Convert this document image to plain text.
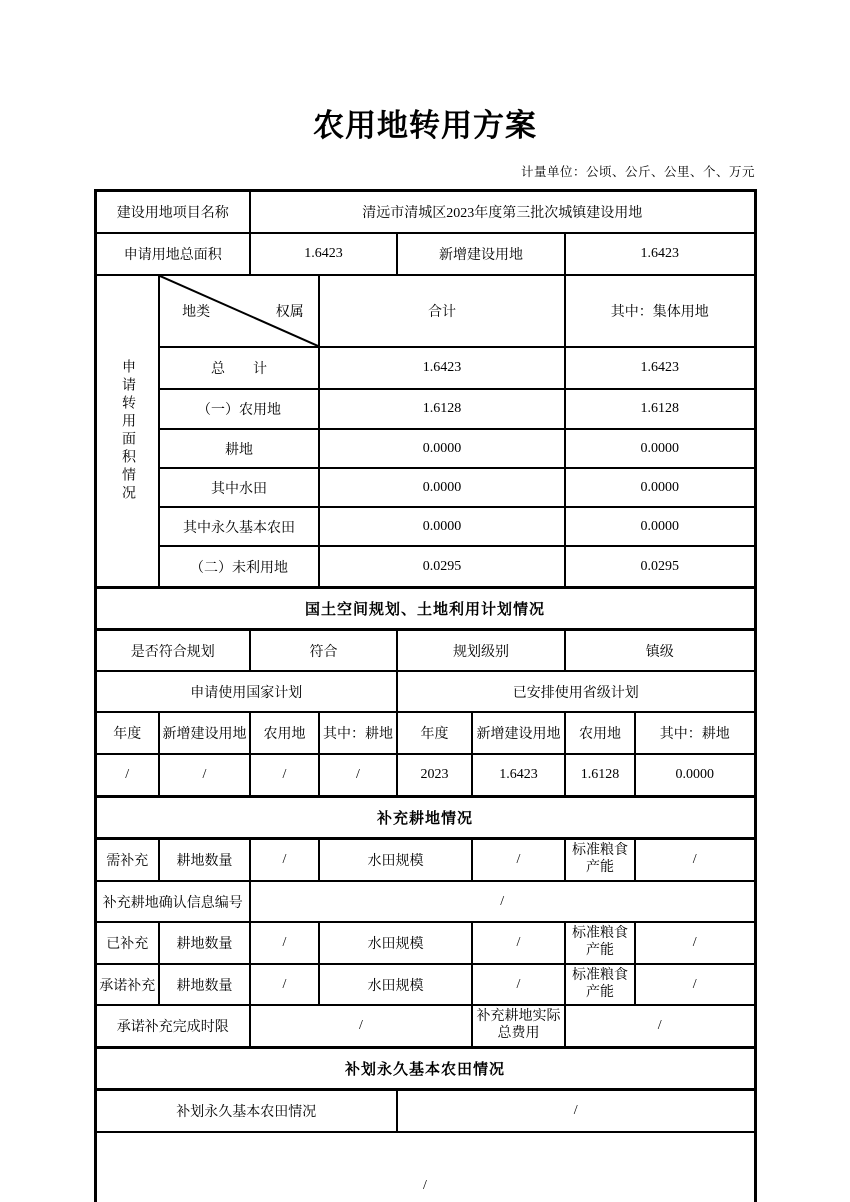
农用地转用方案
计量单位：公顷、公斤、公里、个、万元
建设用地项目名称		清远市清城区2023年度第三批次城镇建设用地					
申请用地总面积		1.6423		新增建设用地		1.6423	

申请转用面积情况	地类 权属		合计			其中：集体用地	
	总　　计		1.6423			1.6423	
	（一）农用地		1.6128			1.6128	
	耕地		0.0000			0.0000	
	其中水田		0.0000			0.0000	
	其中永久基本农田		0.0000			0.0000	
	（二）未利用地		0.0295			0.0295	
国土空间规划、土地利用计划情况							
是否符合规划		符合		规划级别		镇级	
申请使用国家计划				已安排使用省级计划			
年度	新增建设用地	农用地	其中：耕地	年度	新增建设用地	农用地	其中：耕地
/	/	/	/	2023	1.6423	1.6128	0.0000
补充耕地情况							
需补充	耕地数量	/	水田规模		/	标准粮食产能	/
补充耕地确认信息编号		/					
已补充	耕地数量	/	水田规模		/	标准粮食产能	/
承诺补充	耕地数量	/	水田规模		/	标准粮食产能	/
承诺补充完成时限		/			补充耕地实际总费用	/	
补划永久基本农田情况							
补划永久基本农田情况				/			
/							
